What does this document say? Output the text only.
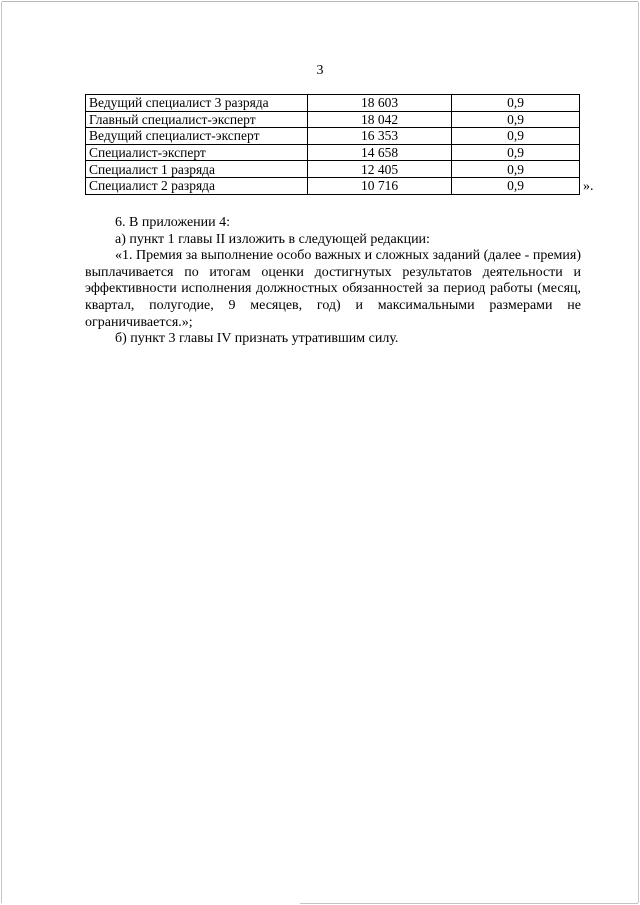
3
Ведущий специалист 3 разряда	18 603	0,9
Главный специалист-эксперт	18 042	0,9
Ведущий специалист-эксперт	16 353	0,9
Специалист-эксперт	14 658	0,9
Специалист 1 разряда	12 405	0,9
Специалист 2 разряда	10 716	0,9	».

6. В приложении 4:

а) пункт 1 главы II изложить в следующей редакции:

«1. Премия за выполнение особо важных и сложных заданий (далее - премия)

выплачивается по итогам оценки достигнутых результатов деятельности и эффективности исполнения должностных обязанностей за период работы (месяц, квартал, полугодие, 9 месяцев, год) и максимальными размерами не ограничивается.»;

б) пункт 3 главы IV признать утратившим силу.
